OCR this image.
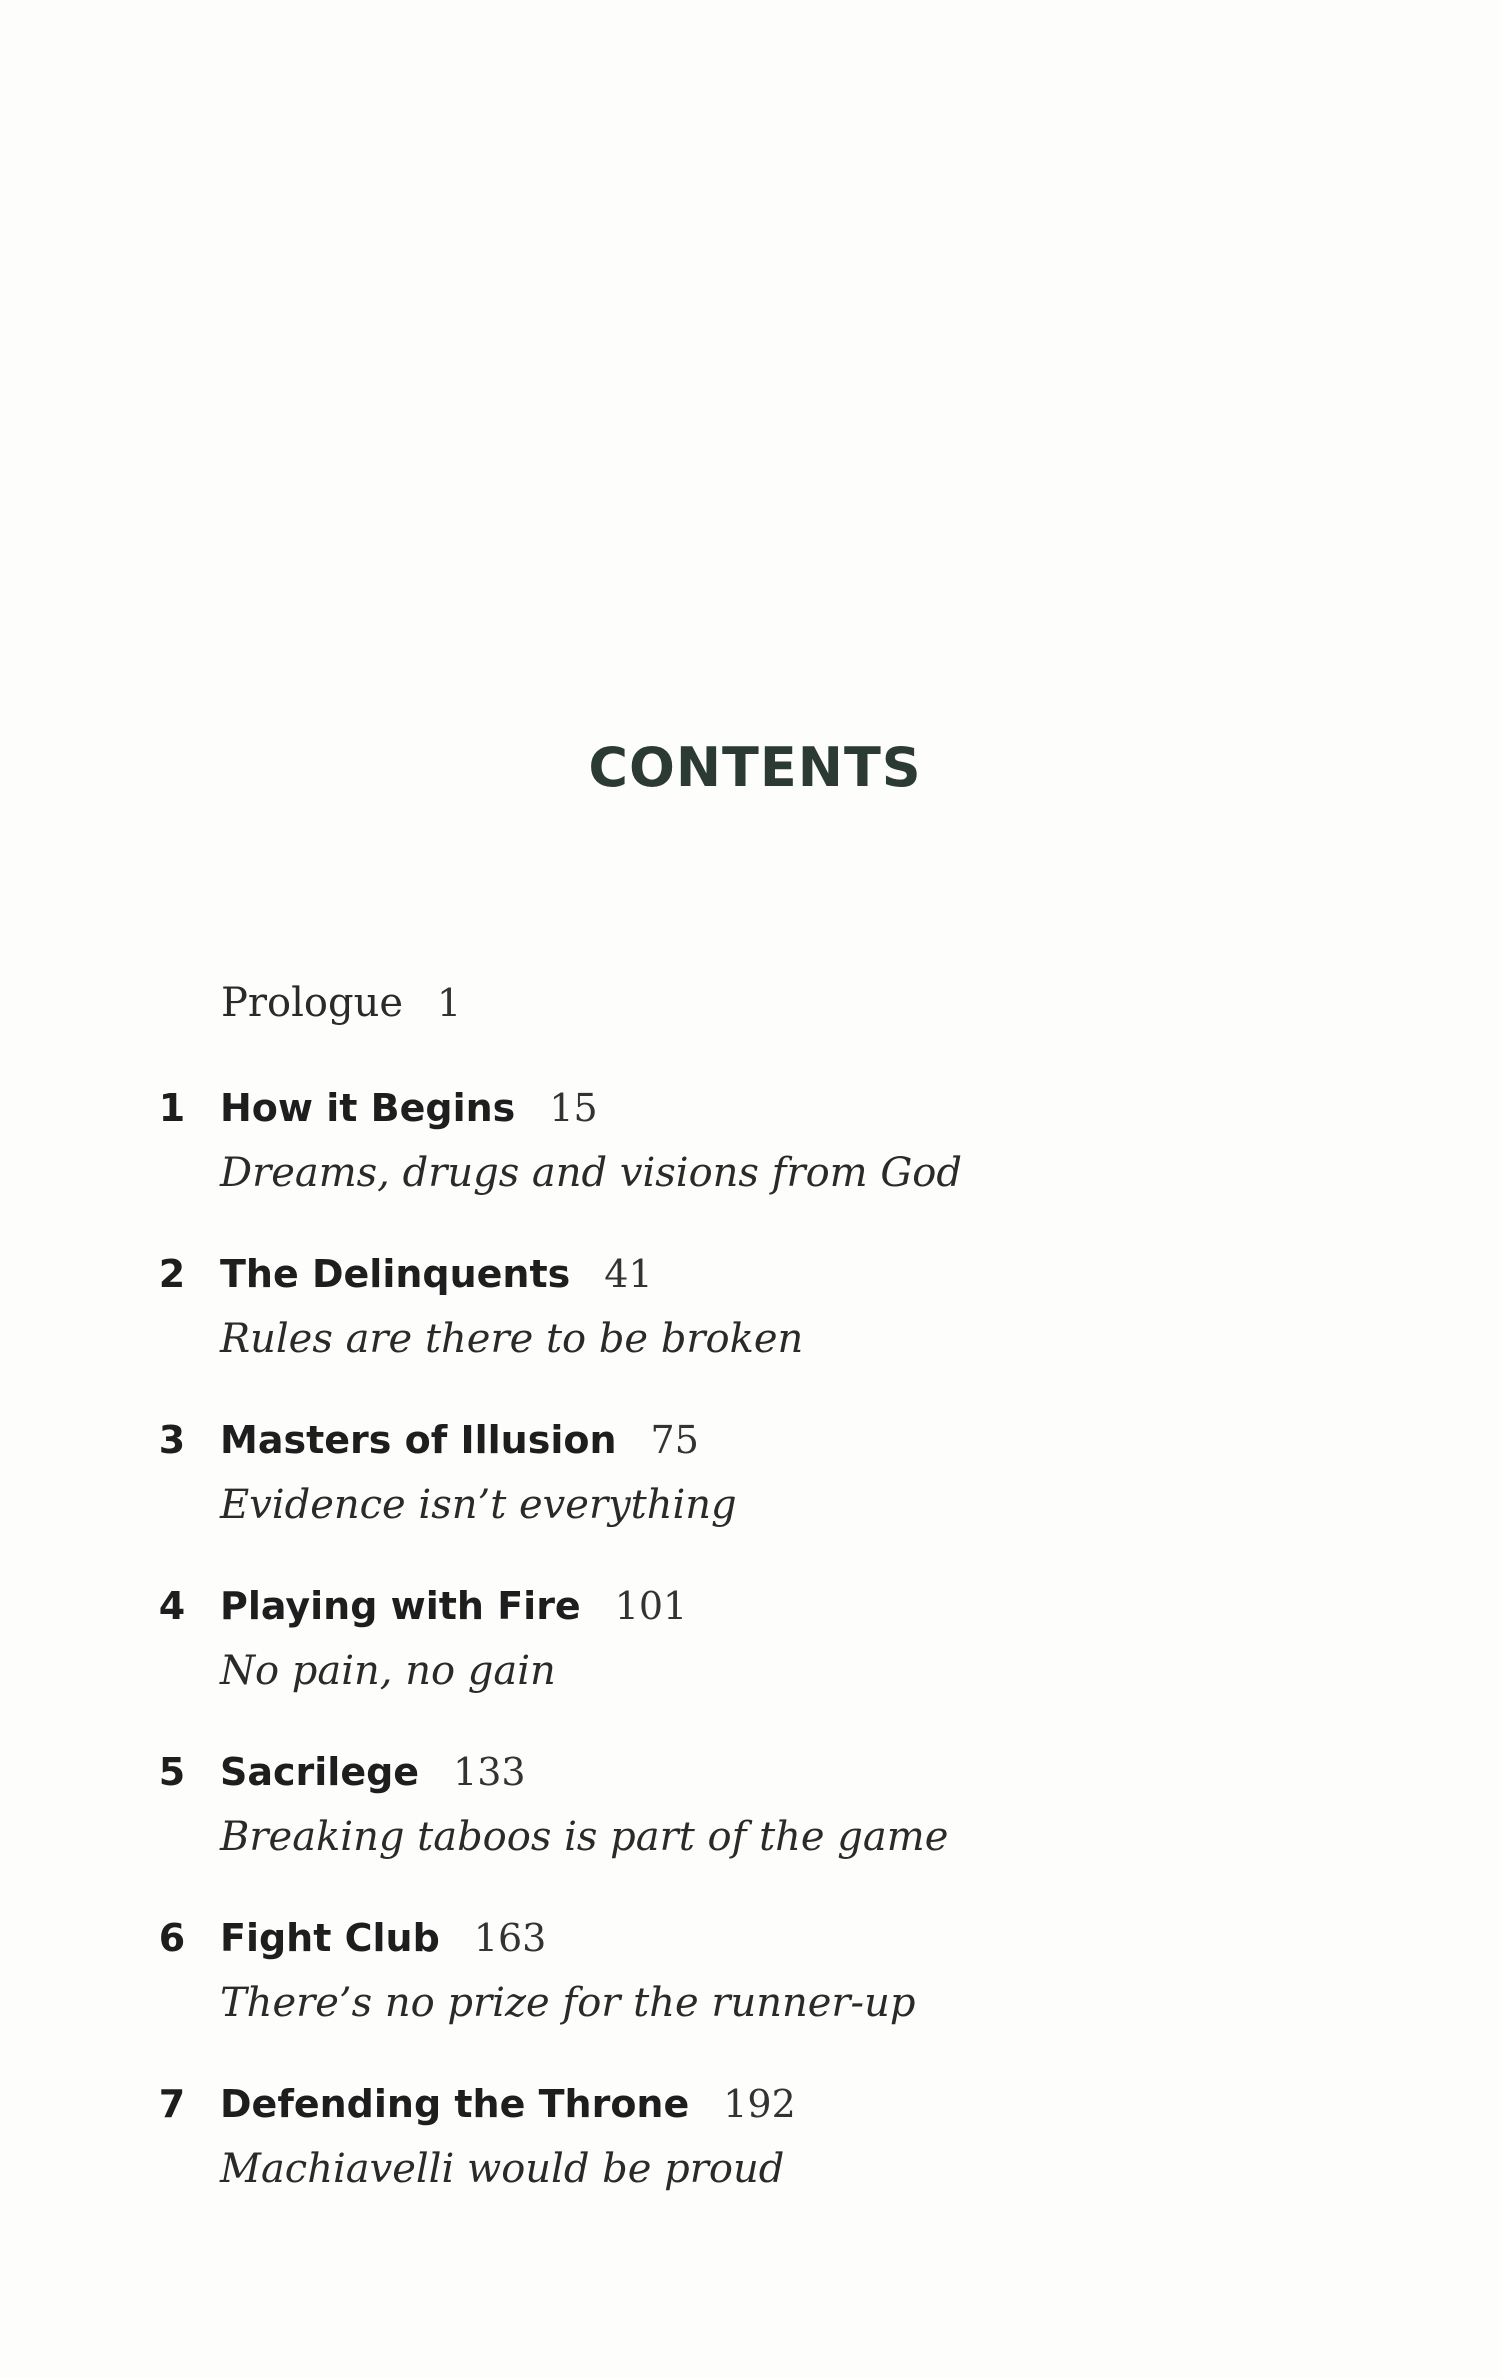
CONTENTS
Prologue 1
1 How it Begins 15
Dreams, drugs and visions from God
2 The Delinquents 41
Rules are there to be broken
3 Masters of Illusion 75
Evidence isn’t everything
4 Playing with Fire 101
No pain, no gain
5 Sacrilege 133
Breaking taboos is part of the game
6 Fight Club 163
There’s no prize for the runner-up
7 Defending the Throne 192
Machiavelli would be proud
